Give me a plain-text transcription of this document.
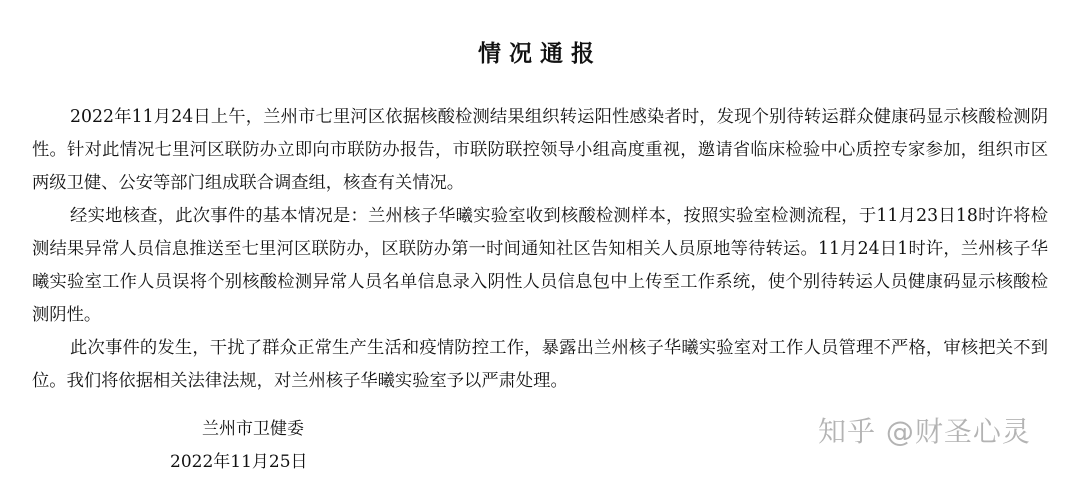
情况通报

2022年11月24日上午，兰州市七里河区依据核酸检测结果组织转运阳性感染者时，发现个别待转运群众健康码显示核酸检测阴性。针对此情况七里河区联防办立即向市联防办报告，市联防联控领导小组高度重视，邀请省临床检验中心质控专家参加，组织市区两级卫健、公安等部门组成联合调查组，核查有关情况。

经实地核查，此次事件的基本情况是：兰州核子华曦实验室收到核酸检测样本，按照实验室检测流程，于11月23日18时许将检测结果异常人员信息推送至七里河区联防办，区联防办第一时间通知社区告知相关人员原地等待转运。11月24日1时许，兰州核子华曦实验室工作人员误将个别核酸检测异常人员名单信息录入阴性人员信息包中上传至工作系统，使个别待转运人员健康码显示核酸检测阴性。

此次事件的发生，干扰了群众正常生产生活和疫情防控工作，暴露出兰州核子华曦实验室对工作人员管理不严格，审核把关不到位。我们将依据相关法律法规，对兰州核子华曦实验室予以严肃处理。

兰州市卫健委
2022年11月25日
知乎 @财圣心灵
